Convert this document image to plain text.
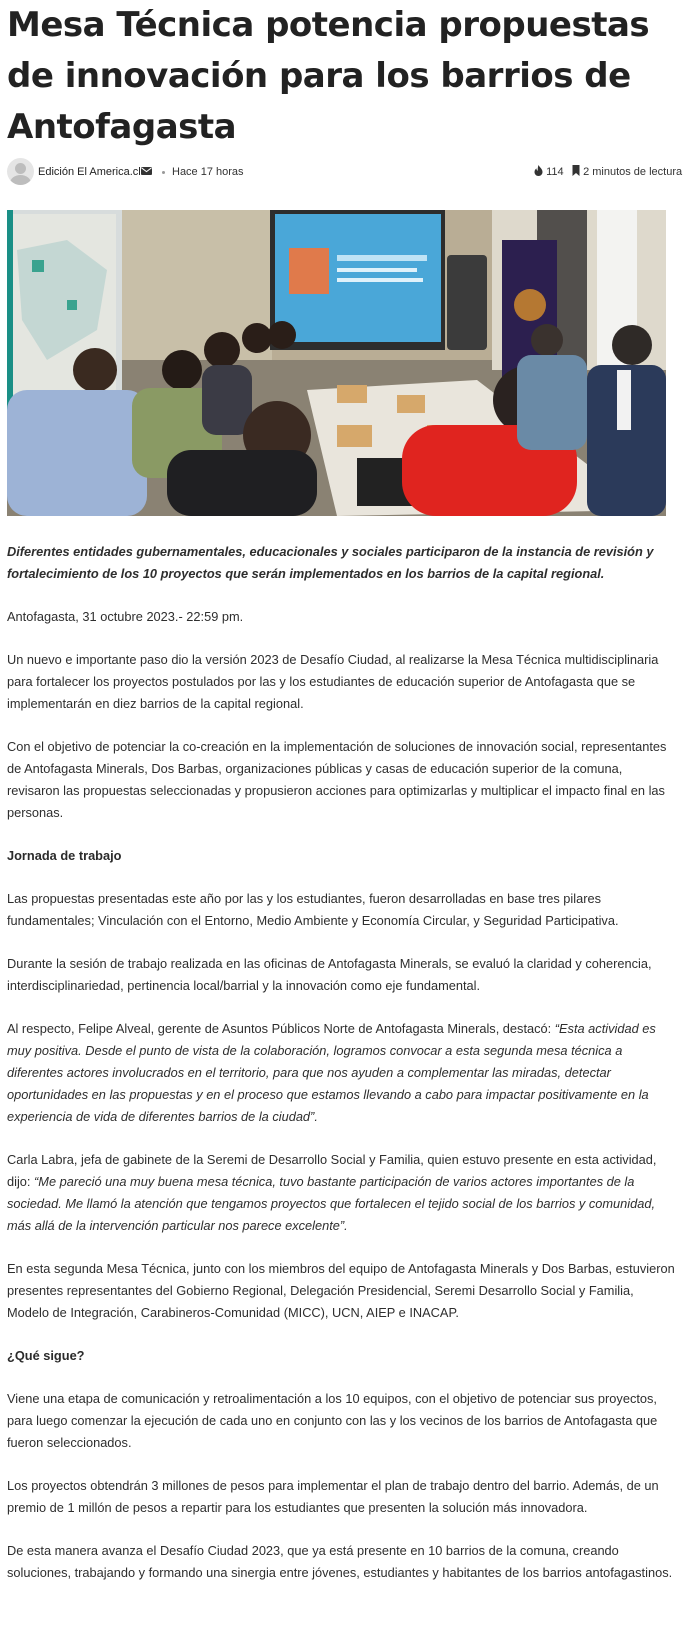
Mesa Técnica potencia propuestas de innovación para los barrios de Antofagasta
Edición El America.cl	Hace 17 horas	114	2 minutos de lectura

Diferentes entidades gubernamentales, educacionales y sociales participaron de la instancia de revisión y fortalecimiento de los 10 proyectos que serán implementados en los barrios de la capital regional.

Antofagasta, 31 octubre 2023.- 22:59 pm.

Un nuevo e importante paso dio la versión 2023 de Desafío Ciudad, al realizarse la Mesa Técnica multidisciplinaria para fortalecer los proyectos postulados por las y los estudiantes de educación superior de Antofagasta que se implementarán en diez barrios de la capital regional.

Con el objetivo de potenciar la co-creación en la implementación de soluciones de innovación social, representantes de Antofagasta Minerals, Dos Barbas, organizaciones públicas y casas de educación superior de la comuna, revisaron las propuestas seleccionadas y propusieron acciones para optimizarlas y multiplicar el impacto final en las personas.

Jornada de trabajo

Las propuestas presentadas este año por las y los estudiantes, fueron desarrolladas en base tres pilares fundamentales; Vinculación con el Entorno, Medio Ambiente y Economía Circular, y Seguridad Participativa.

Durante la sesión de trabajo realizada en las oficinas de Antofagasta Minerals, se evaluó la claridad y coherencia, interdisciplinariedad, pertinencia local/barrial y la innovación como eje fundamental.

Al respecto, Felipe Alveal, gerente de Asuntos Públicos Norte de Antofagasta Minerals, destacó: “Esta actividad es muy positiva. Desde el punto de vista de la colaboración, logramos convocar a esta segunda mesa técnica a diferentes actores involucrados en el territorio, para que nos ayuden a complementar las miradas, detectar oportunidades en las propuestas y en el proceso que estamos llevando a cabo para impactar positivamente en la experiencia de vida de diferentes barrios de la ciudad”.

Carla Labra, jefa de gabinete de la Seremi de Desarrollo Social y Familia, quien estuvo presente en esta actividad, dijo: “Me pareció una muy buena mesa técnica, tuvo bastante participación de varios actores importantes de la sociedad. Me llamó la atención que tengamos proyectos que fortalecen el tejido social de los barrios y comunidad, más allá de la intervención particular nos parece excelente”.

En esta segunda Mesa Técnica, junto con los miembros del equipo de Antofagasta Minerals y Dos Barbas, estuvieron presentes representantes del Gobierno Regional, Delegación Presidencial, Seremi Desarrollo Social y Familia, Modelo de Integración, Carabineros-Comunidad (MICC), UCN, AIEP e INACAP.

¿Qué sigue?

Viene una etapa de comunicación y retroalimentación a los 10 equipos, con el objetivo de potenciar sus proyectos, para luego comenzar la ejecución de cada uno en conjunto con las y los vecinos de los barrios de Antofagasta que fueron seleccionados.

Los proyectos obtendrán 3 millones de pesos para implementar el plan de trabajo dentro del barrio. Además, de un premio de 1 millón de pesos a repartir para los estudiantes que presenten la solución más innovadora.

De esta manera avanza el Desafío Ciudad 2023, que ya está presente en 10 barrios de la comuna, creando soluciones, trabajando y formando una sinergia entre jóvenes, estudiantes y habitantes de los barrios antofagastinos.
